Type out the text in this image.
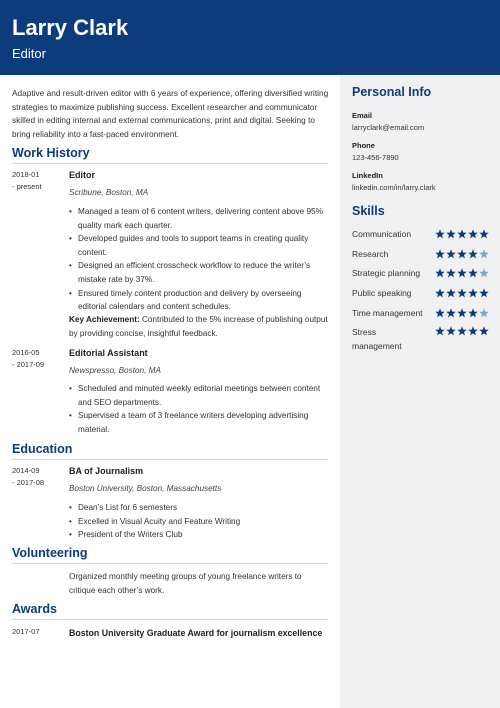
Larry Clark
Editor
Adaptive and result-driven editor with 6 years of experience, offering diversified writing strategies to maximize publishing success. Excellent researcher and communicator skilled in editing internal and external communications, print and digital. Seeking to bring reliability into a fast-paced environment.
Work History
2018-01
- present
Editor
Scribune, Boston, MA
• Managed a team of 6 content writers, delivering content above 95% quality mark each quarter.
• Developed guides and tools to support teams in creating quality content.
• Designed an efficient crosscheck workflow to reduce the writer’s mistake rate by 37%.
• Ensured timely content production and delivery by overseeing editorial calendars and content schedules.
Key Achievement: Contributed to the 5% increase of publishing output by providing concise, insightful feedback.
2016-05
- 2017-09
Editorial Assistant
Newspresso, Boston, MA
• Scheduled and minuted weekly editorial meetings between content and SEO departments.
• Supervised a team of 3 freelance writers developing advertising material.
Education
2014-09
- 2017-08
BA of Journalism
Boston University, Boston, Massachusetts
• Dean’s List for 6 semesters
• Excelled in Visual Acuity and Feature Writing
• President of the Writers Club
Volunteering
Organized monthly meeting groups of young freelance writers to critique each other’s work.
Awards
2017-07	Boston University Graduate Award for journalism excellence
Personal Info
Email
larryclark@email.com
Phone
123-456-7890
LinkedIn
linkedin.com/in/larry.clark
Skills
Communication
Research
Strategic planning
Public speaking
Time management
Stress management
